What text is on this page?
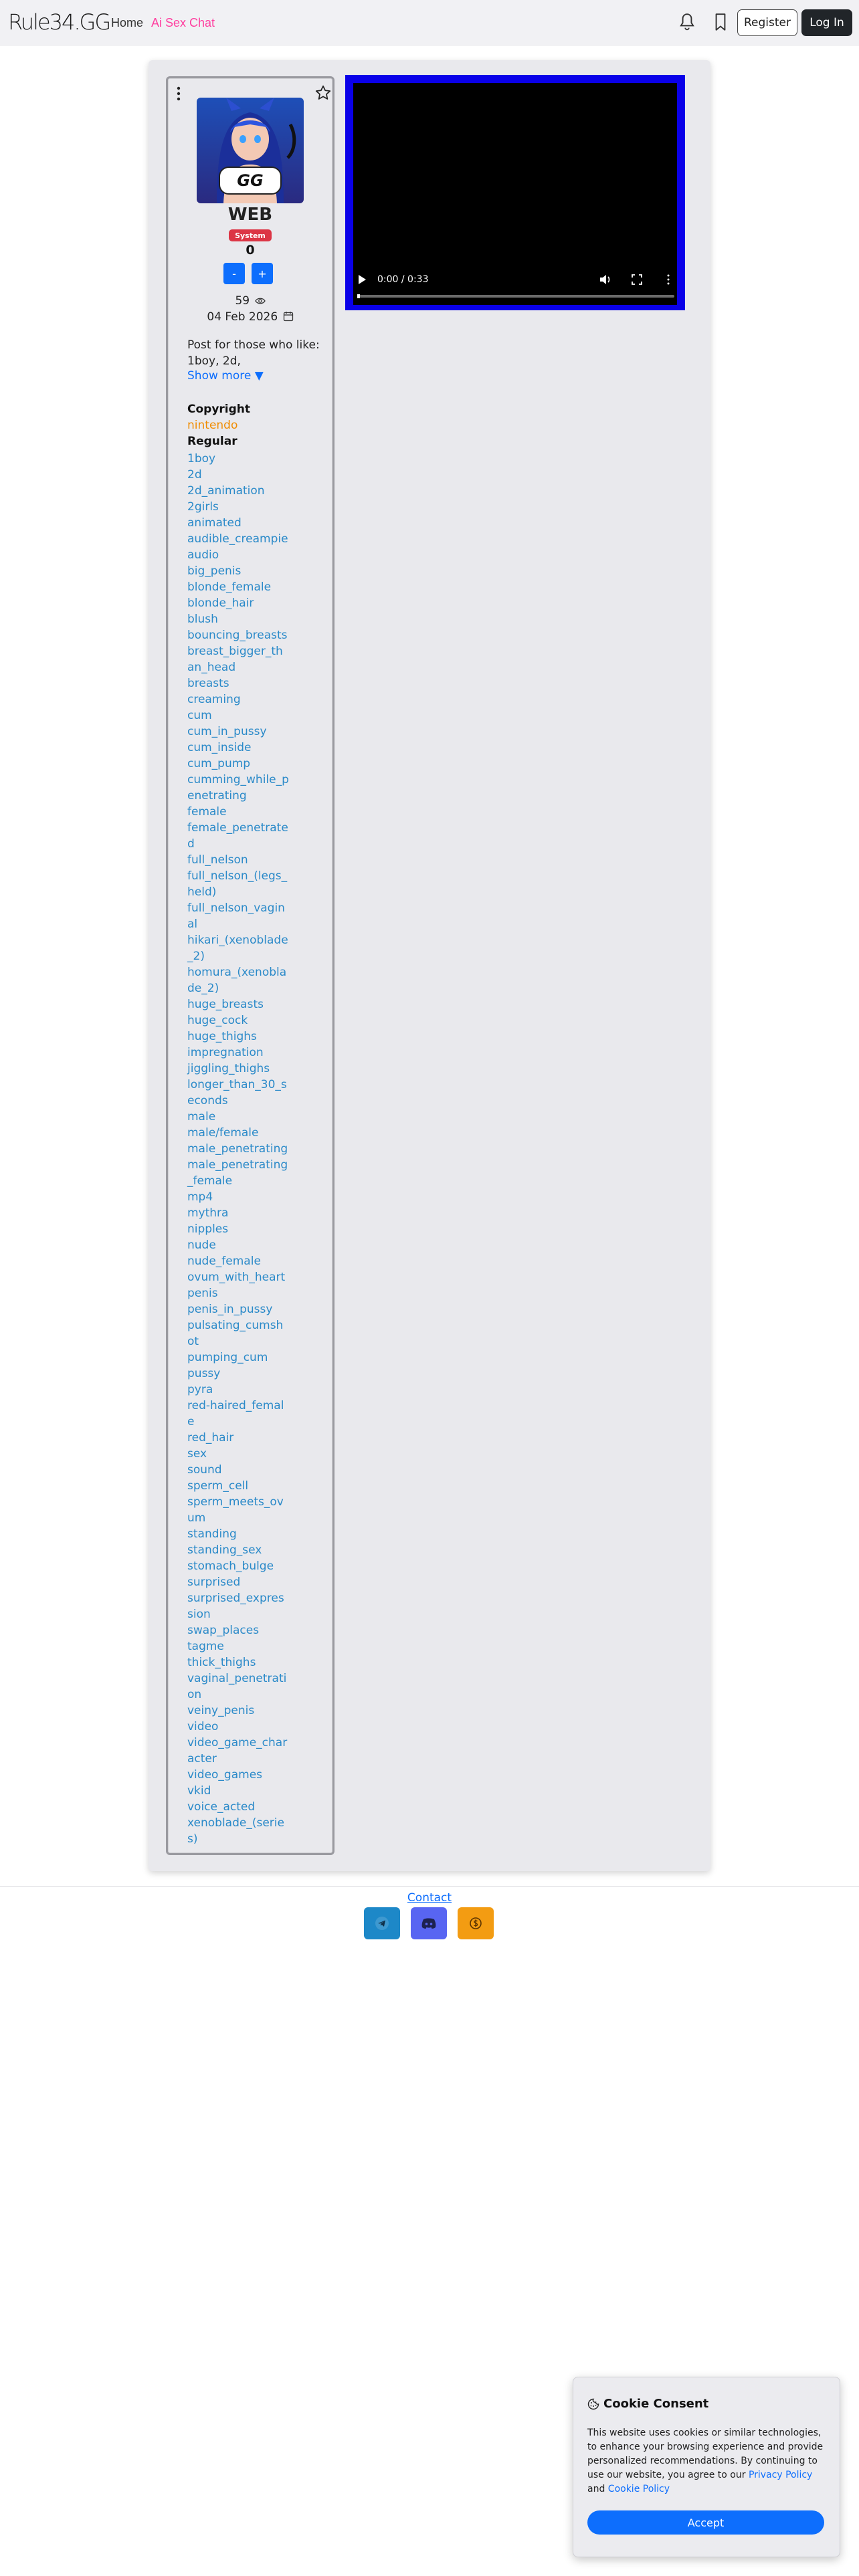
Rule34.GG Home Ai Sex Chat	Register	Log In
GG
WEB
System
0
-	+
59
04 Feb 2026
Post for those who like: 1boy, 2d,
Show more ▼
Copyright
nintendo
Regular
1boy
2d
2d_animation
2girls
animated
audible_creampie
audio
big_penis
blonde_female
blonde_hair
blush
bouncing_breasts
breast_bigger_than_head
breasts
creaming
cum
cum_in_pussy
cum_inside
cum_pump
cumming_while_penetrating
female
female_penetrated
full_nelson
full_nelson_(legs_held)
full_nelson_vaginal
hikari_(xenoblade_2)
homura_(xenoblade_2)
huge_breasts
huge_cock
huge_thighs
impregnation
jiggling_thighs
longer_than_30_seconds
male
male/female
male_penetrating
male_penetrating_female
mp4
mythra
nipples
nude
nude_female
ovum_with_heart
penis
penis_in_pussy
pulsating_cumshot
pumping_cum
pussy
pyra
red-haired_female
red_hair
sex
sound
sperm_cell
sperm_meets_ovum
standing
standing_sex
stomach_bulge
surprised
surprised_expression
swap_places
tagme
thick_thighs
vaginal_penetration
veiny_penis
video
video_game_character
video_games
vkid
voice_acted
xenoblade_(series)
0:00 / 0:33
Contact
Cookie Consent
This website uses cookies or similar technologies, to enhance your browsing experience and provide personalized recommendations. By continuing to use our website, you agree to our Privacy Policy and Cookie Policy
Accept
